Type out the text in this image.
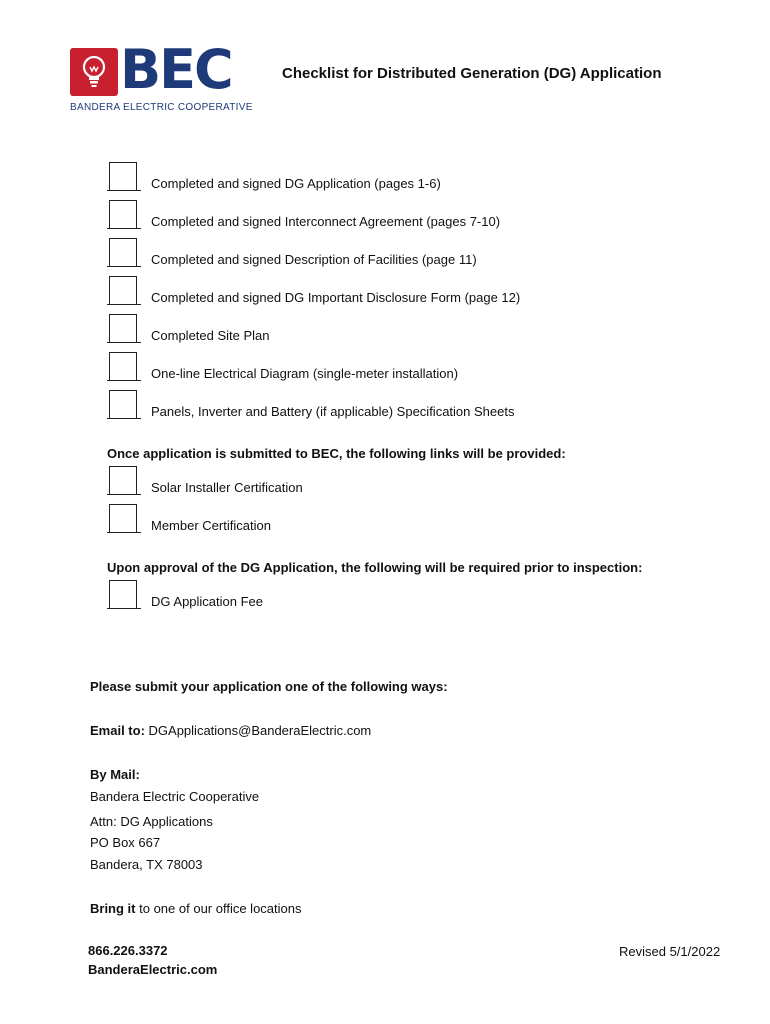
BEC
BANDERA ELECTRIC COOPERATIVE
Checklist for Distributed Generation (DG) Application
Completed and signed DG Application (pages 1-6)
Completed and signed Interconnect Agreement (pages 7-10)
Completed and signed Description of Facilities (page 11)
Completed and signed DG Important Disclosure Form (page 12)
Completed Site Plan
One-line Electrical Diagram (single-meter installation)
Panels, Inverter and Battery (if applicable) Specification Sheets
Once application is submitted to BEC, the following links will be provided:
Solar Installer Certification
Member Certification
Upon approval of the DG Application, the following will be required prior to inspection:
DG Application Fee
Please submit your application one of the following ways:
Email to: DGApplications@BanderaElectric.com
By Mail:
Bandera Electric Cooperative
Attn: DG Applications
PO Box 667
Bandera, TX 78003
Bring it to one of our office locations
866.226.3372
BanderaElectric.com
Revised 5/1/2022
